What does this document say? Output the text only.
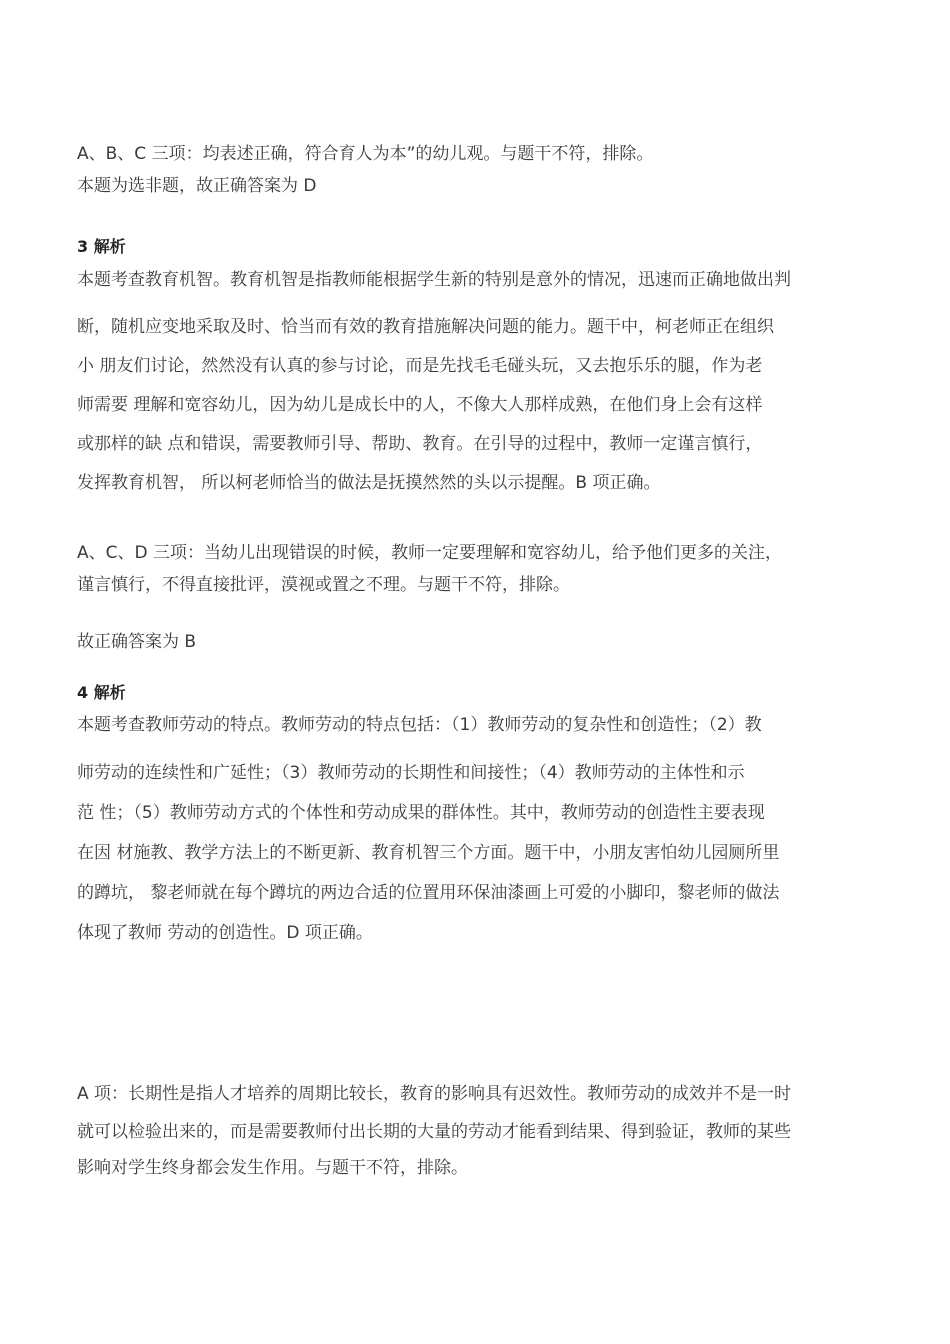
A、B、C 三项：均表述正确，符合育人为本”的幼儿观。与题干不符，排除。

本题为选非题，故正确答案为 D

3 解析

本题考查教育机智。教育机智是指教师能根据学生新的特别是意外的情况，迅速而正确地做出判

断，随机应变地采取及时、恰当而有效的教育措施解决问题的能力。题干中，柯老师正在组织

小 朋友们讨论，然然没有认真的参与讨论，而是先找毛毛碰头玩，又去抱乐乐的腿，作为老

师需要 理解和宽容幼儿，因为幼儿是成长中的人，不像大人那样成熟，在他们身上会有这样

或那样的缺 点和错误，需要教师引导、帮助、教育。在引导的过程中，教师一定谨言慎行，

发挥教育机智， 所以柯老师恰当的做法是抚摸然然的头以示提醒。B 项正确。

A、C、D 三项：当幼儿出现错误的时候，教师一定要理解和宽容幼儿，给予他们更多的关注，

谨言慎行，不得直接批评，漠视或置之不理。与题干不符，排除。

故正确答案为 B

4 解析

本题考查教师劳动的特点。教师劳动的特点包括：（1）教师劳动的复杂性和创造性；（2）教

师劳动的连续性和广延性；（3）教师劳动的长期性和间接性；（4）教师劳动的主体性和示

范 性；（5）教师劳动方式的个体性和劳动成果的群体性。其中，教师劳动的创造性主要表现

在因 材施教、教学方法上的不断更新、教育机智三个方面。题干中，小朋友害怕幼儿园厕所里

的蹲坑， 黎老师就在每个蹲坑的两边合适的位置用环保油漆画上可爱的小脚印，黎老师的做法

体现了教师 劳动的创造性。D 项正确。

A 项：长期性是指人才培养的周期比较长，教育的影响具有迟效性。教师劳动的成效并不是一时

就可以检验出来的，而是需要教师付出长期的大量的劳动才能看到结果、得到验证，教师的某些

影响对学生终身都会发生作用。与题干不符，排除。
